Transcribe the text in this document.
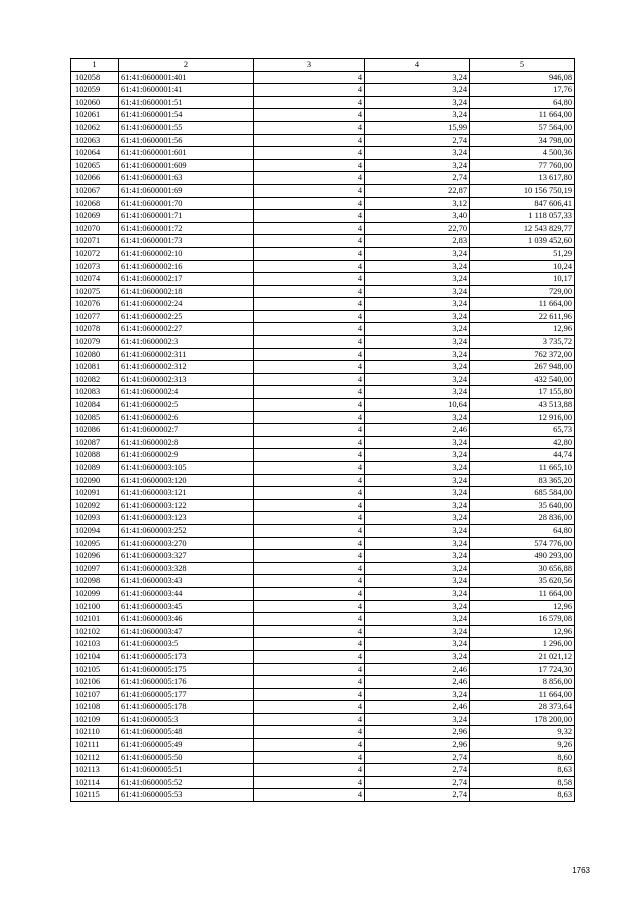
1	2	3	4	5
102058	61:41:0600001:401	4	3,24	946,08
102059	61:41:0600001:41	4	3,24	17,76
102060	61:41:0600001:51	4	3,24	64,80
102061	61:41:0600001:54	4	3,24	11 664,00
102062	61:41:0600001:55	4	15,99	57 564,00
102063	61:41:0600001:56	4	2,74	34 798,00
102064	61:41:0600001:601	4	3,24	4 500,36
102065	61:41:0600001:609	4	3,24	77 760,00
102066	61:41:0600001:63	4	2,74	13 617,80
102067	61:41:0600001:69	4	22,87	10 156 750,19
102068	61:41:0600001:70	4	3,12	847 606,41
102069	61:41:0600001:71	4	3,40	1 118 057,33
102070	61:41:0600001:72	4	22,70	12 543 829,77
102071	61:41:0600001:73	4	2,83	1 039 452,60
102072	61:41:0600002:10	4	3,24	51,29
102073	61:41:0600002:16	4	3,24	10,24
102074	61:41:0600002:17	4	3,24	10,17
102075	61:41:0600002:18	4	3,24	729,00
102076	61:41:0600002:24	4	3,24	11 664,00
102077	61:41:0600002:25	4	3,24	22 611,96
102078	61:41:0600002:27	4	3,24	12,96
102079	61:41:0600002:3	4	3,24	3 735,72
102080	61:41:0600002:311	4	3,24	762 372,00
102081	61:41:0600002:312	4	3,24	267 948,00
102082	61:41:0600002:313	4	3,24	432 540,00
102083	61:41:0600002:4	4	3,24	17 155,80
102084	61:41:0600002:5	4	10,64	43 513,88
102085	61:41:0600002:6	4	3,24	12 916,00
102086	61:41:0600002:7	4	2,46	65,73
102087	61:41:0600002:8	4	3,24	42,80
102088	61:41:0600002:9	4	3,24	44,74
102089	61:41:0600003:105	4	3,24	11 665,10
102090	61:41:0600003:120	4	3,24	83 365,20
102091	61:41:0600003:121	4	3,24	685 584,00
102092	61:41:0600003:122	4	3,24	35 640,00
102093	61:41:0600003:123	4	3,24	28 836,00
102094	61:41:0600003:252	4	3,24	64,80
102095	61:41:0600003:270	4	3,24	574 776,00
102096	61:41:0600003:327	4	3,24	490 293,00
102097	61:41:0600003:328	4	3,24	30 656,88
102098	61:41:0600003:43	4	3,24	35 620,56
102099	61:41:0600003:44	4	3,24	11 664,00
102100	61:41:0600003:45	4	3,24	12,96
102101	61:41:0600003:46	4	3,24	16 579,08
102102	61:41:0600003:47	4	3,24	12,96
102103	61:41:0600003:5	4	3,24	1 296,00
102104	61:41:0600005:173	4	3,24	21 021,12
102105	61:41:0600005:175	4	2,46	17 724,30
102106	61:41:0600005:176	4	2,46	8 856,00
102107	61:41:0600005:177	4	3,24	11 664,00
102108	61:41:0600005:178	4	2,46	28 373,64
102109	61:41:0600005:3	4	3,24	178 200,00
102110	61:41:0600005:48	4	2,96	9,32
102111	61:41:0600005:49	4	2,96	9,26
102112	61:41:0600005:50	4	2,74	8,60
102113	61:41:0600005:51	4	2,74	8,63
102114	61:41:0600005:52	4	2,74	8,58
102115	61:41:0600005:53	4	2,74	8,63
1763
